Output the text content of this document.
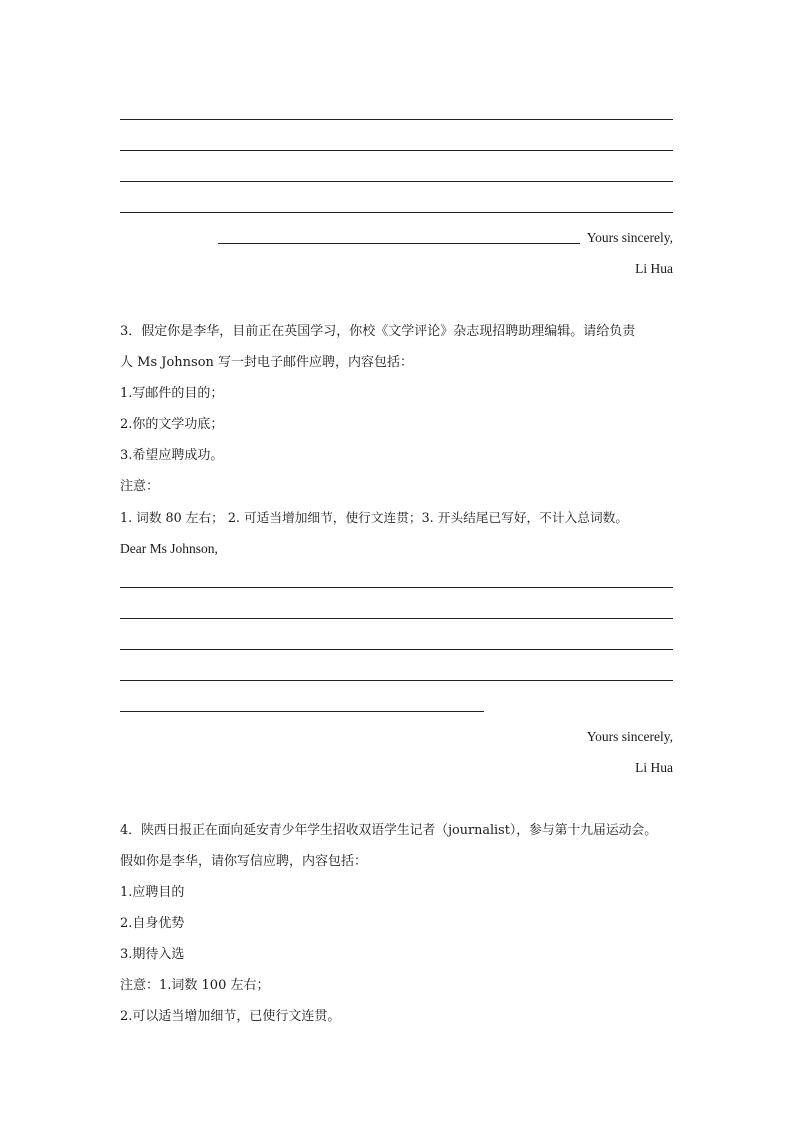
Yours sincerely,
Li Hua
3．假定你是李华，目前正在英国学习，你校《文学评论》杂志现招聘助理编辑。请给负责
人 Ms Johnson 写一封电子邮件应聘，内容包括：
1.写邮件的目的；
2.你的文学功底；
3.希望应聘成功。
注意：
1. 词数 80 左右； 2. 可适当增加细节，使行文连贯；3. 开头结尾已写好，不计入总词数。
Dear Ms Johnson,
Yours sincerely,
Li Hua
4．陕西日报正在面向延安青少年学生招收双语学生记者（journalist），参与第十九届运动会。
假如你是李华，请你写信应聘，内容包括：
1.应聘目的
2.自身优势
3.期待入选
注意：1.词数 100 左右；
2.可以适当增加细节，已使行文连贯。
